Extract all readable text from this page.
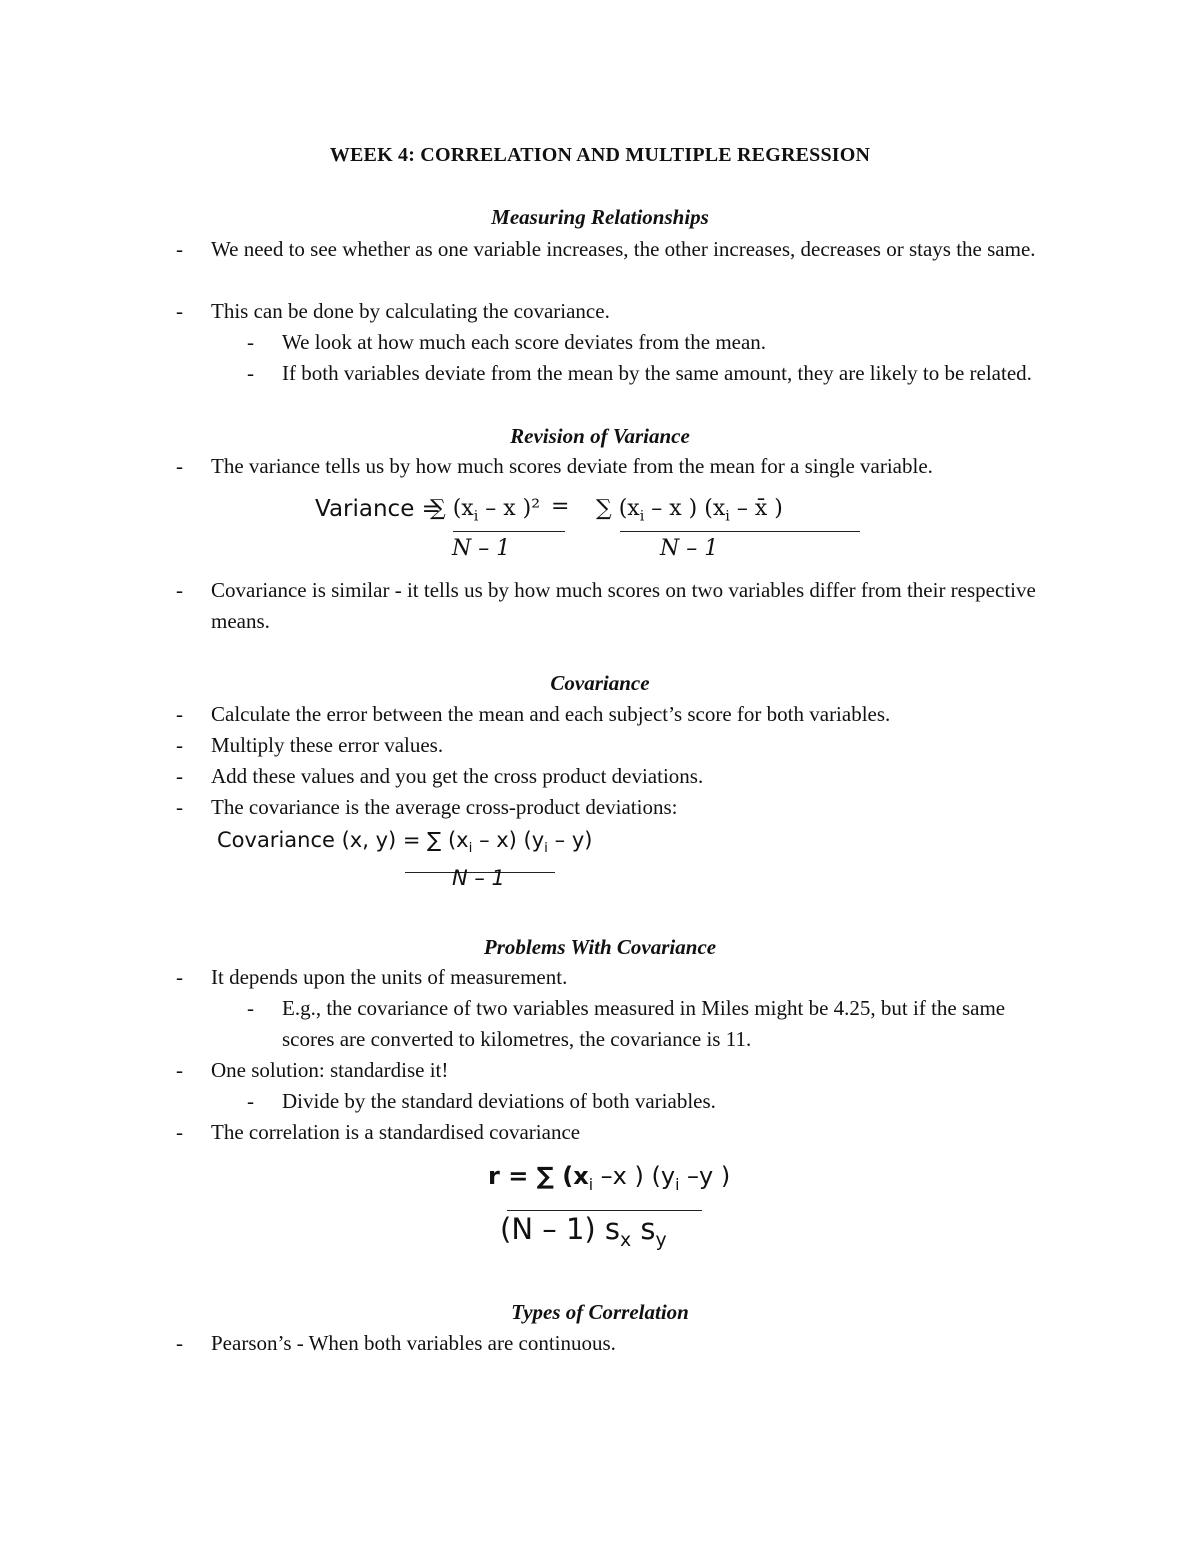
WEEK 4: CORRELATION AND MULTIPLE REGRESSION
Measuring Relationships
- We need to see whether as one variable increases, the other increases, decreases or stays the same.
- This can be done by calculating the covariance.
- We look at how much each score deviates from the mean.
- If both variables deviate from the mean by the same amount, they are likely to be related.
Revision of Variance
- The variance tells us by how much scores deviate from the mean for a single variable.
Variance =
∑ ($x_i$ – x )² = ∑ ($x_i$ – x ) ($x_i$ – x̄ )
N – 1	N – 1
- Covariance is similar - it tells us by how much scores on two variables differ from their respective means.
Covariance
- Calculate the error between the mean and each subject’s score for both variables.
- Multiply these error values.
- Add these values and you get the cross product deviations.
- The covariance is the average cross-product deviations:
Covariance (x, y) = ∑ $(x_i - x)$ $(y_i - y)$
N – 1
Problems With Covariance
- It depends upon the units of measurement.
- E.g., the covariance of two variables measured in Miles might be 4.25, but if the same scores are converted to kilometres, the covariance is 11.
- One solution: standardise it!
- Divide by the standard deviations of both variables.
- The correlation is a standardised covariance
r = ∑ ($x_i$ –x ) ($y_i$ –y )
(N – 1) $s_x$ $s_y$
Types of Correlation
- Pearson’s - When both variables are continuous.
